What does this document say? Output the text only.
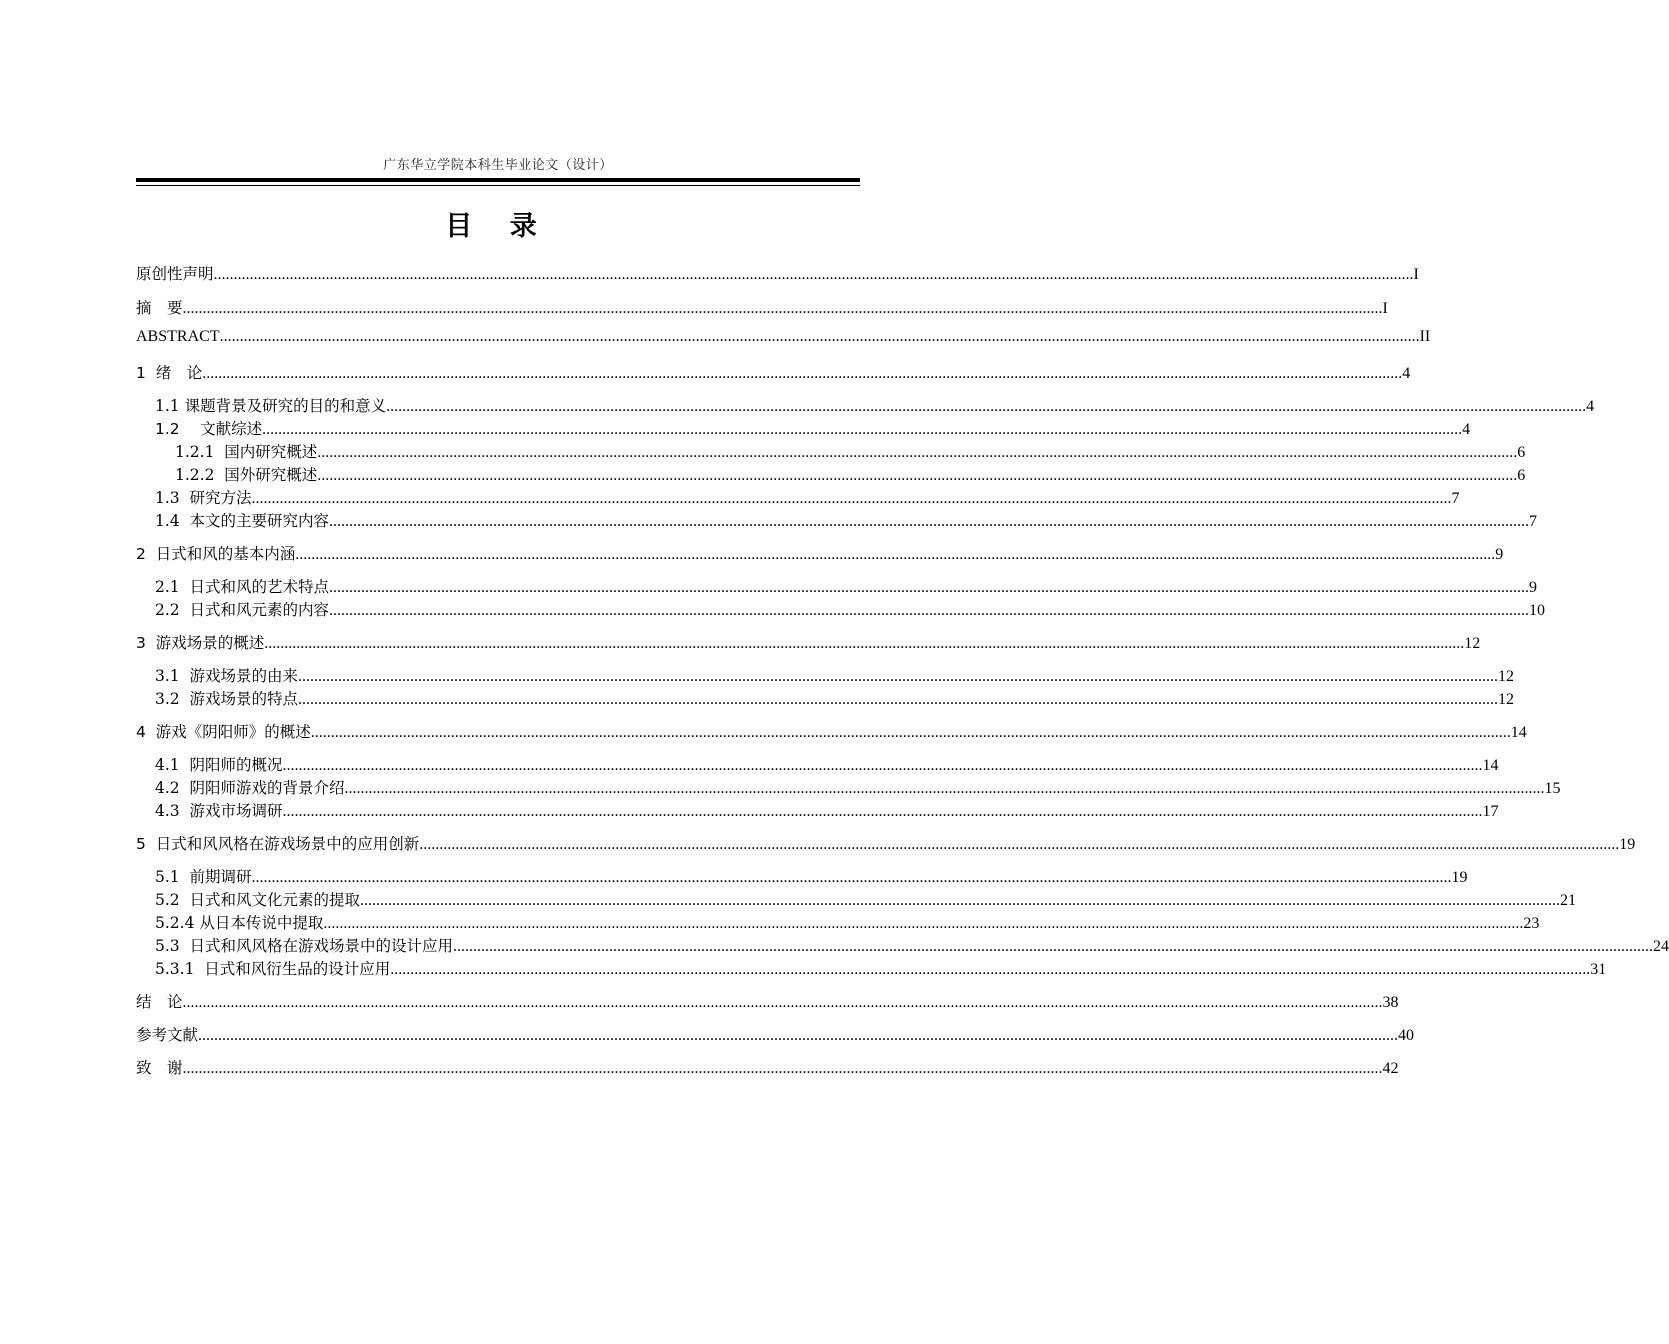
广东华立学院本科生毕业论文（设计）
目 录
原创性声明 ............................................................................................................................................................................................................................................................................................................ I
摘　要 ............................................................................................................................................................................................................................................................................................................ I
ABSTRACT ............................................................................................................................................................................................................................................................................................................ II
1  绪　论 ............................................................................................................................................................................................................................................................................................................ 4
1.1 课题背景及研究的目的和意义 ............................................................................................................................................................................................................................................................................................................ 4
1.2　 文献综述 ............................................................................................................................................................................................................................................................................................................ 4
1.2.1  国内研究概述 ............................................................................................................................................................................................................................................................................................................ 6
1.2.2  国外研究概述 ............................................................................................................................................................................................................................................................................................................ 6
1.3  研究方法 ............................................................................................................................................................................................................................................................................................................ 7
1.4  本文的主要研究内容 ............................................................................................................................................................................................................................................................................................................ 7
2  日式和风的基本内涵 ............................................................................................................................................................................................................................................................................................................ 9
2.1  日式和风的艺术特点 ............................................................................................................................................................................................................................................................................................................ 9
2.2  日式和风元素的内容 ............................................................................................................................................................................................................................................................................................................ 10
3  游戏场景的概述 ............................................................................................................................................................................................................................................................................................................ 12
3.1  游戏场景的由来 ............................................................................................................................................................................................................................................................................................................ 12
3.2  游戏场景的特点 ............................................................................................................................................................................................................................................................................................................ 12
4  游戏《阴阳师》的概述 ............................................................................................................................................................................................................................................................................................................ 14
4.1  阴阳师的概况 ............................................................................................................................................................................................................................................................................................................ 14
4.2  阴阳师游戏的背景介绍 ............................................................................................................................................................................................................................................................................................................ 15
4.3  游戏市场调研 ............................................................................................................................................................................................................................................................................................................ 17
5  日式和风风格在游戏场景中的应用创新 ............................................................................................................................................................................................................................................................................................................ 19
5.1  前期调研 ............................................................................................................................................................................................................................................................................................................ 19
5.2  日式和风文化元素的提取 ............................................................................................................................................................................................................................................................................................................ 21
5.2.4 从日本传说中提取 ............................................................................................................................................................................................................................................................................................................ 23
5.3  日式和风风格在游戏场景中的设计应用 ............................................................................................................................................................................................................................................................................................................ 24
5.3.1  日式和风衍生品的设计应用 ............................................................................................................................................................................................................................................................................................................ 31
结　论 ............................................................................................................................................................................................................................................................................................................ 38
参考文献 ............................................................................................................................................................................................................................................................................................................ 40
致　谢 ............................................................................................................................................................................................................................................................................................................ 42
